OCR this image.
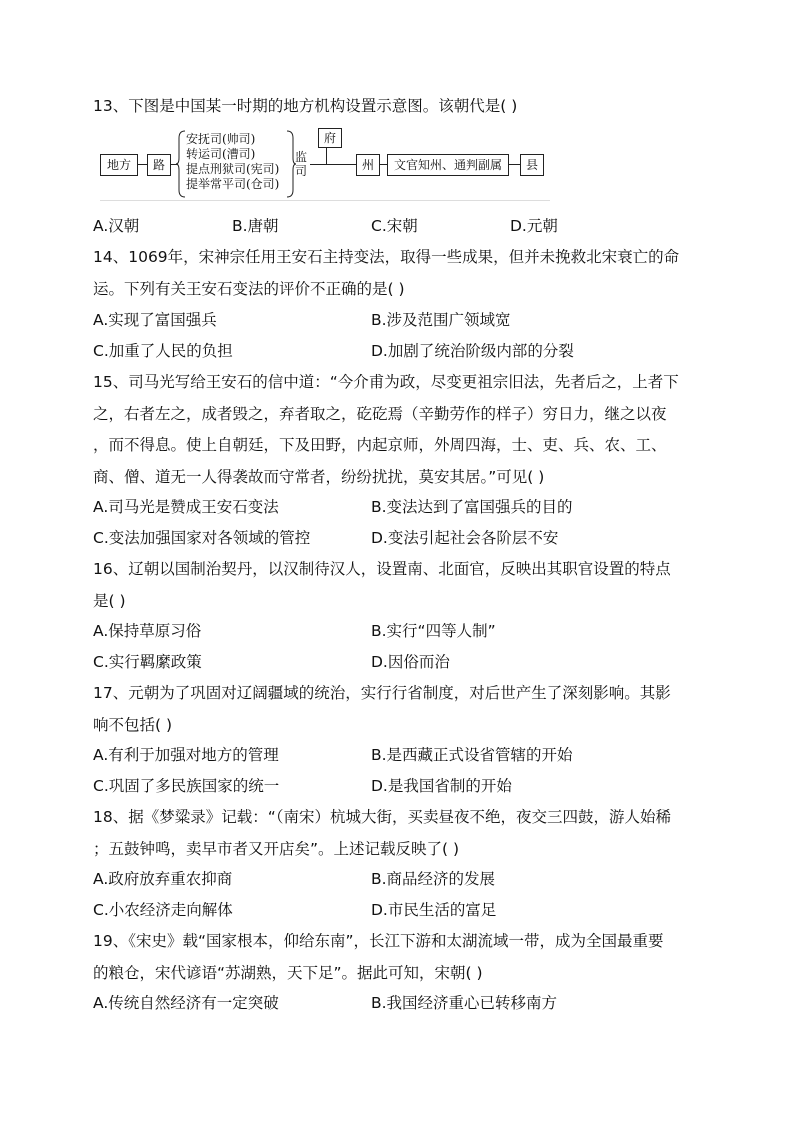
13、下图是中国某一时期的地方机构设置示意图。该朝代是( )
地方	路
安抚司(帅司)
转运司(漕司)
提点刑狱司(宪司)
提举常平司(仓司)
监
司
府
州	文官知州、通判副属	县
A.汉朝	B.唐朝	C.宋朝	D.元朝
14、1069年，宋神宗任用王安石主持变法，取得一些成果，但并未挽救北宋衰亡的命
运。下列有关王安石变法的评价不正确的是( )
A.实现了富国强兵	B.涉及范围广领域宽
C.加重了人民的负担	D.加剧了统治阶级内部的分裂
15、司马光写给王安石的信中道：“今介甫为政，尽变更祖宗旧法，先者后之，上者下
之，右者左之，成者毁之，弃者取之，矻矻焉（辛勤劳作的样子）穷日力，继之以夜
，而不得息。使上自朝廷，下及田野，内起京师，外周四海，士、吏、兵、农、工、
商、僧、道无一人得袭故而守常者，纷纷扰扰，莫安其居。”可见( )
A.司马光是赞成王安石变法	B.变法达到了富国强兵的目的
C.变法加强国家对各领域的管控	D.变法引起社会各阶层不安
16、辽朝以国制治契丹，以汉制待汉人，设置南、北面官，反映出其职官设置的特点
是( )
A.保持草原习俗	B.实行“四等人制”
C.实行羁縻政策	D.因俗而治
17、元朝为了巩固对辽阔疆域的统治，实行行省制度，对后世产生了深刻影响。其影
响不包括( )
A.有利于加强对地方的管理	B.是西藏正式设省管辖的开始
C.巩固了多民族国家的统一	D.是我国省制的开始
18、据《梦粱录》记载：“（南宋）杭城大街，买卖昼夜不绝，夜交三四鼓，游人始稀
；五鼓钟鸣，卖早市者又开店矣”。上述记载反映了( )
A.政府放弃重农抑商	B.商品经济的发展
C.小农经济走向解体	D.市民生活的富足
19、《宋史》载“国家根本，仰给东南”，长江下游和太湖流域一带，成为全国最重要
的粮仓，宋代谚语“苏湖熟，天下足”。据此可知，宋朝( )
A.传统自然经济有一定突破	B.我国经济重心已转移南方
